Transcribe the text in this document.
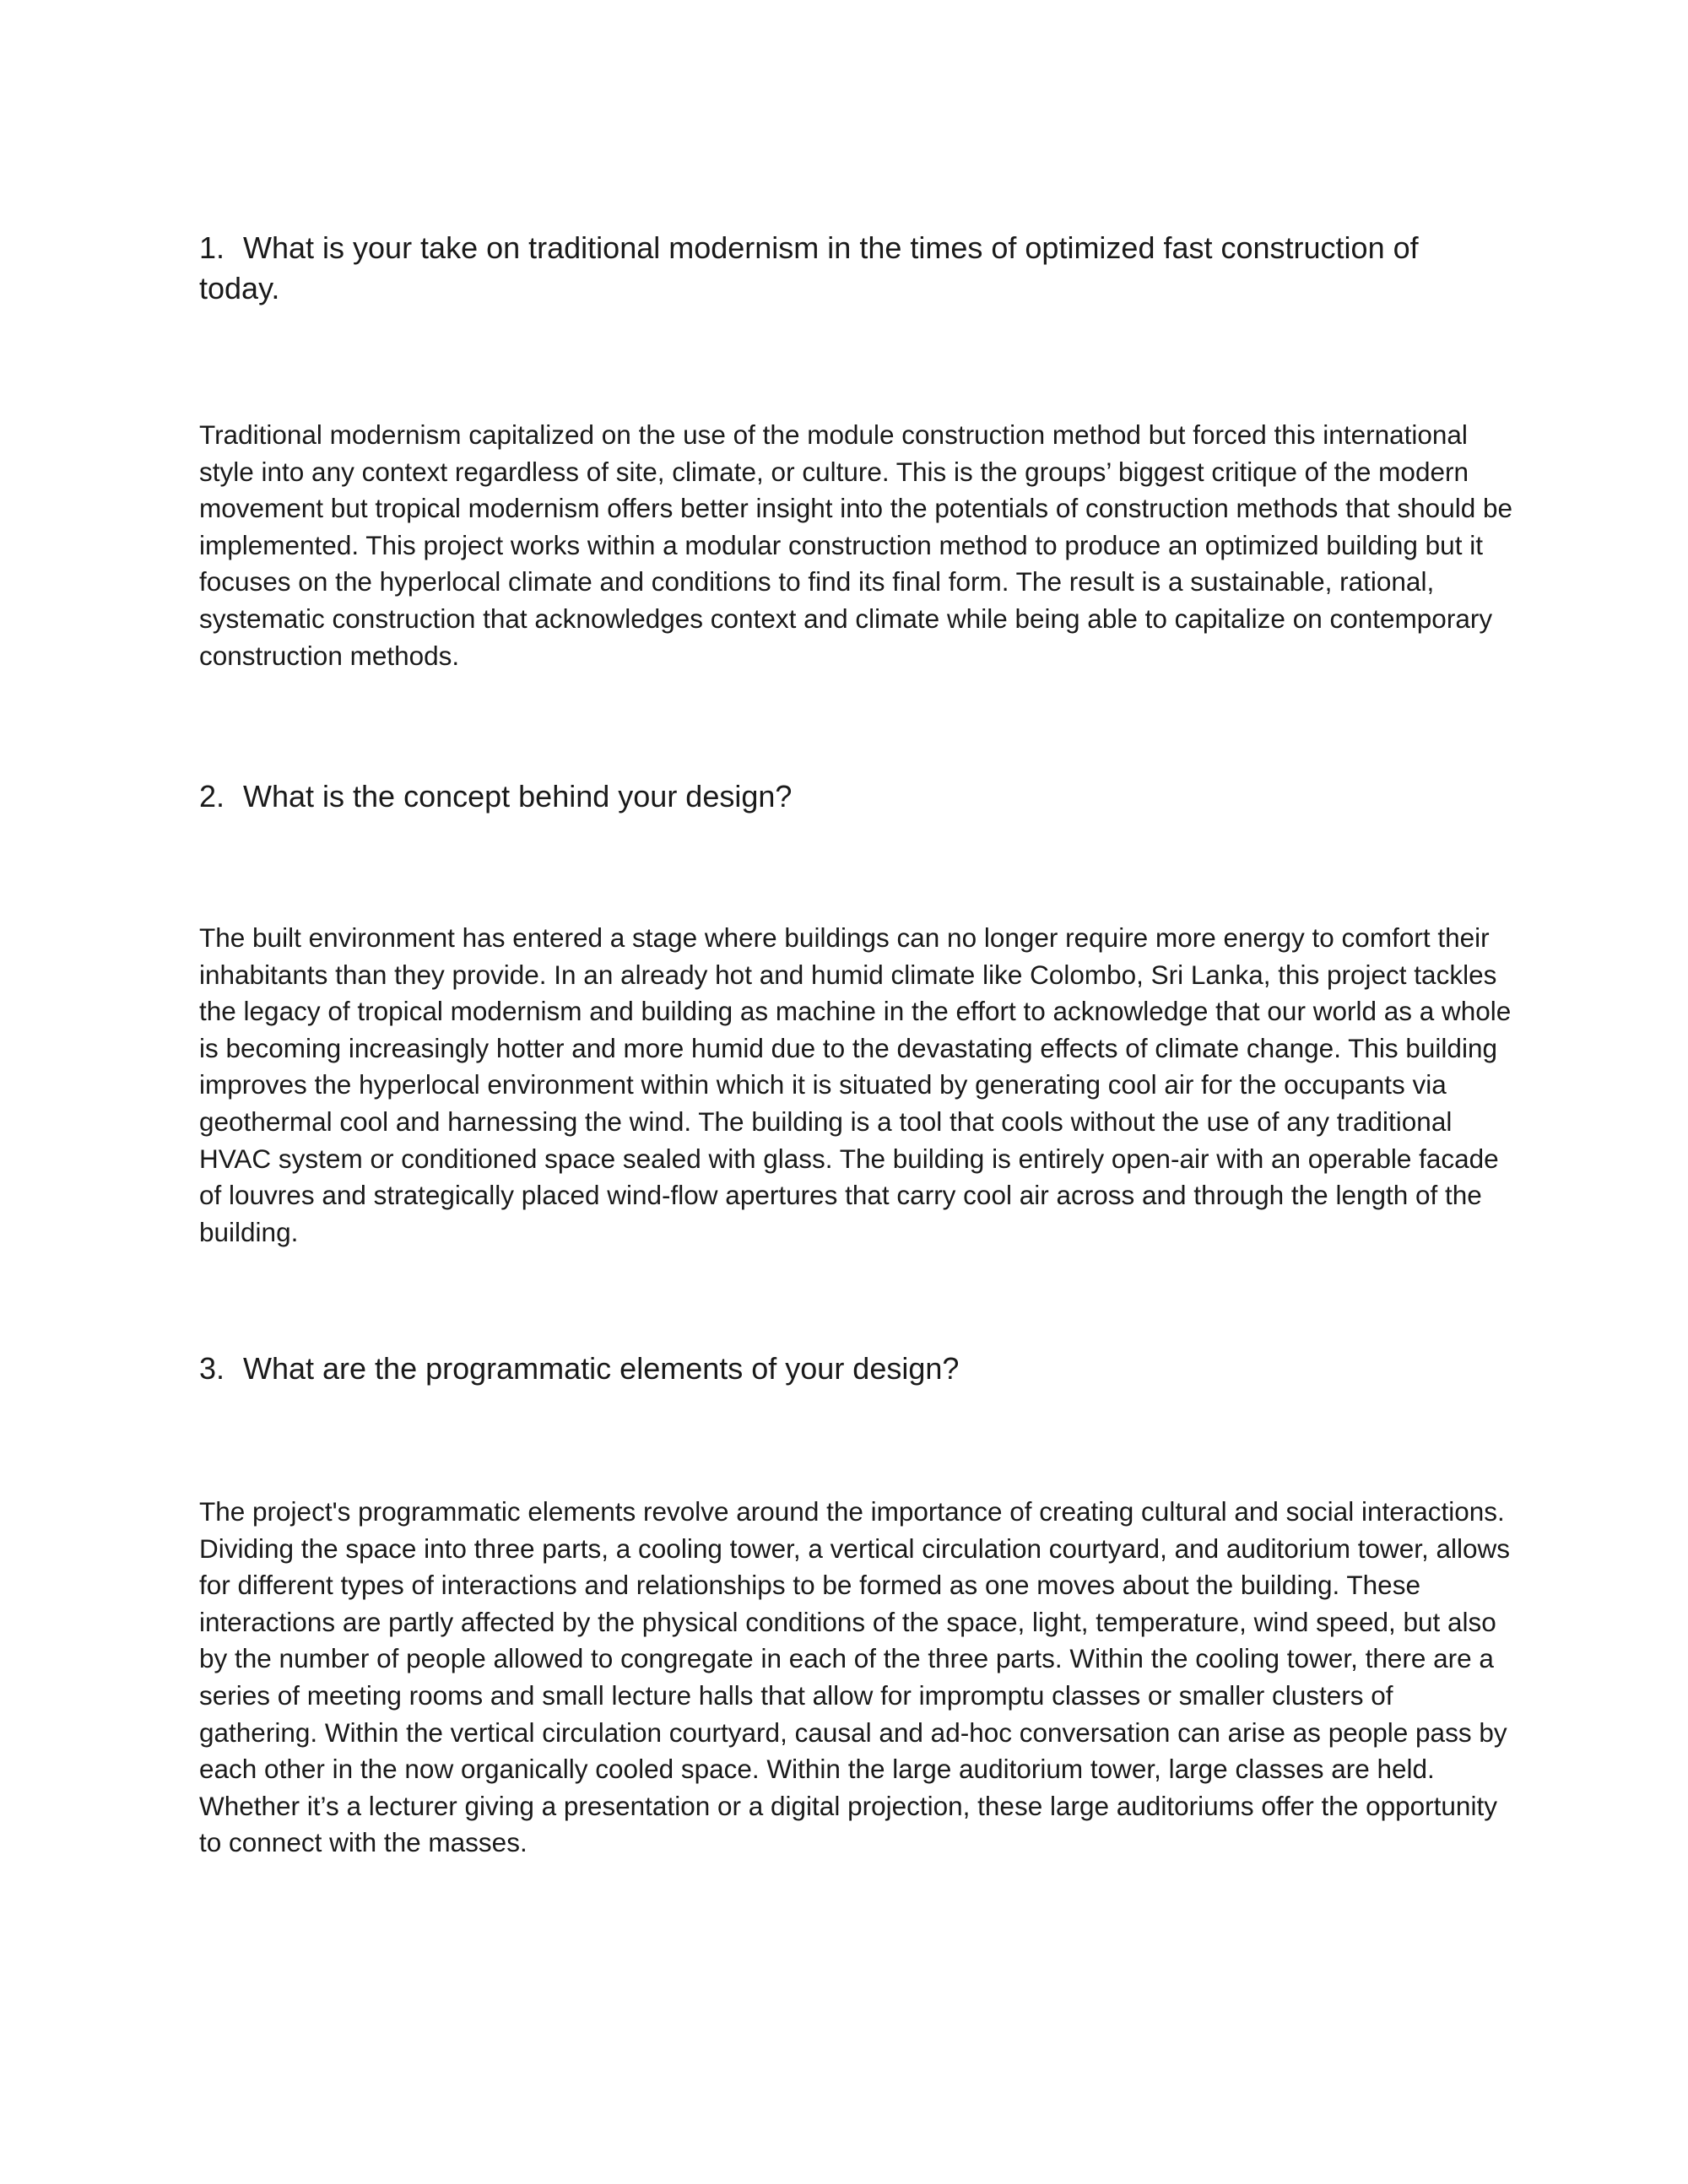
1. What is your take on traditional modernism in the times of optimized fast construction of today.

Traditional modernism capitalized on the use of the module construction method but forced this international style into any context regardless of site, climate, or culture. This is the groups’ biggest critique of the modern movement but tropical modernism offers better insight into the potentials of construction methods that should be implemented. This project works within a modular construction method to produce an optimized building but it focuses on the hyperlocal climate and conditions to find its final form. The result is a sustainable, rational, systematic construction that acknowledges context and climate while being able to capitalize on contemporary construction methods.

2. What is the concept behind your design?

The built environment has entered a stage where buildings can no longer require more energy to comfort their inhabitants than they provide. In an already hot and humid climate like Colombo, Sri Lanka, this project tackles the legacy of tropical modernism and building as machine in the effort to acknowledge that our world as a whole is becoming increasingly hotter and more humid due to the devastating effects of climate change. This building improves the hyperlocal environment within which it is situated by generating cool air for the occupants via geothermal cool and harnessing the wind. The building is a tool that cools without the use of any traditional HVAC system or conditioned space sealed with glass. The building is entirely open-air with an operable facade of louvres and strategically placed wind-flow apertures that carry cool air across and through the length of the building.

3. What are the programmatic elements of your design?

The project's programmatic elements revolve around the importance of creating cultural and social interactions. Dividing the space into three parts, a cooling tower, a vertical circulation courtyard, and auditorium tower, allows for different types of interactions and relationships to be formed as one moves about the building. These interactions are partly affected by the physical conditions of the space, light, temperature, wind speed, but also by the number of people allowed to congregate in each of the three parts. Within the cooling tower, there are a series of meeting rooms and small lecture halls that allow for impromptu classes or smaller clusters of gathering. Within the vertical circulation courtyard, causal and ad-hoc conversation can arise as people pass by each other in the now organically cooled space. Within the large auditorium tower, large classes are held. Whether it’s a lecturer giving a presentation or a digital projection, these large auditoriums offer the opportunity to connect with the masses.
